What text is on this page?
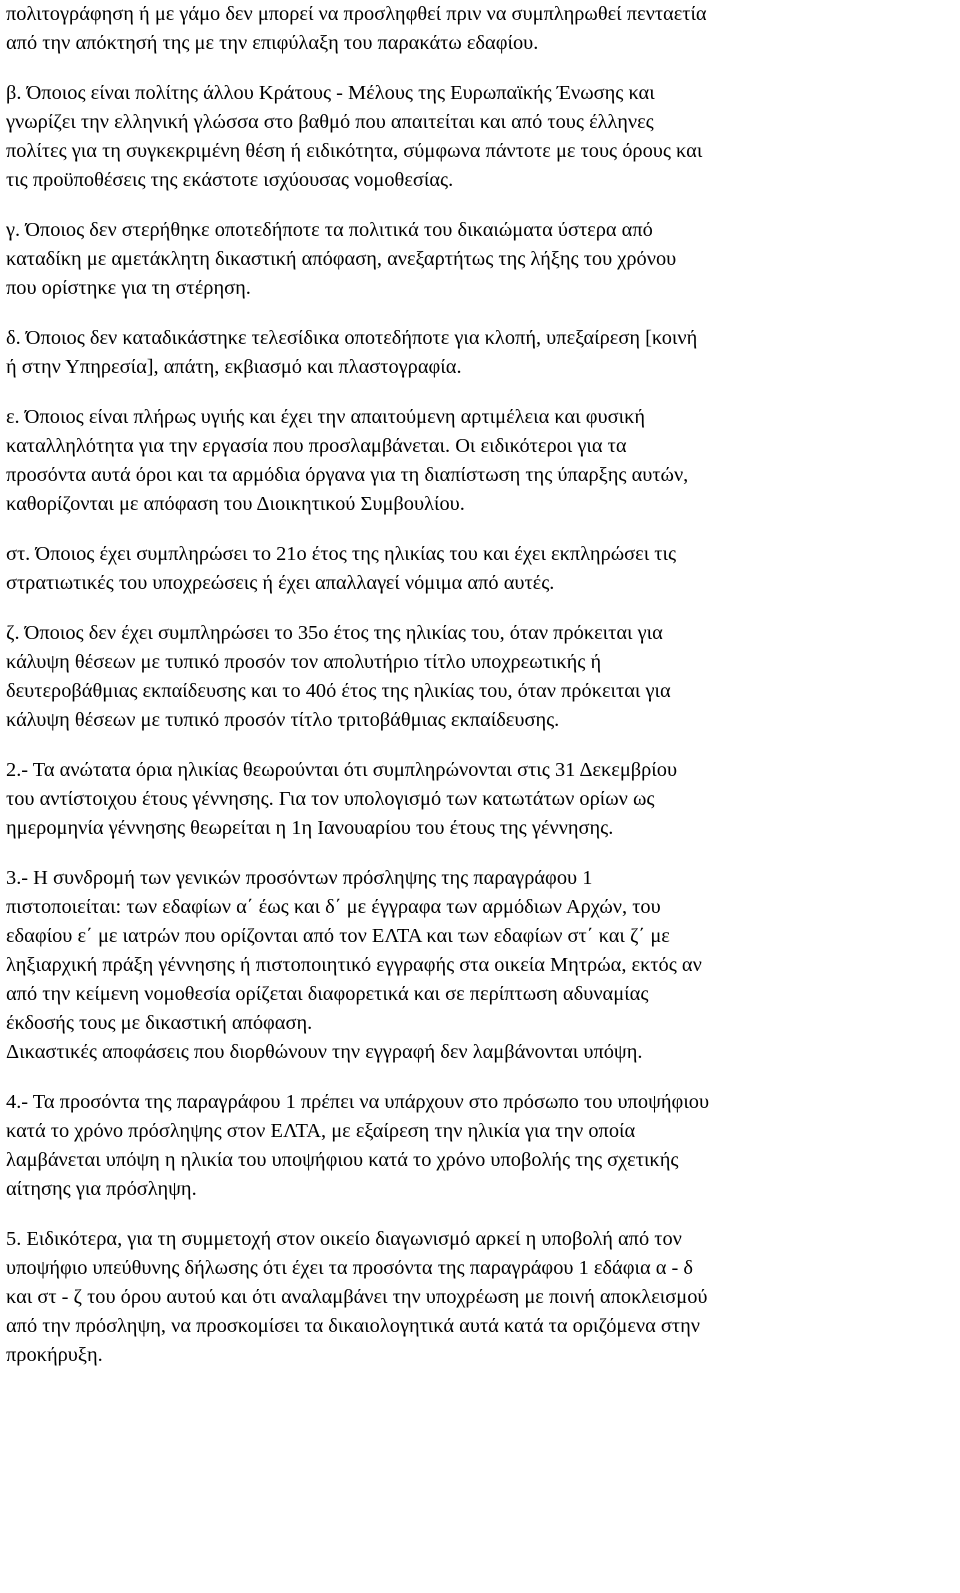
πολιτογράφηση ή με γάμο δεν μπορεί να προσληφθεί πριν να συμπληρωθεί πενταετία
από την απόκτησή της με την επιφύλαξη του παρακάτω εδαφίου.
β. Όποιος είναι πολίτης άλλου Κράτους - Μέλους της Ευρωπαϊκής Ένωσης και
γνωρίζει την ελληνική γλώσσα στο βαθμό που απαιτείται και από τους έλληνες
πολίτες για τη συγκεκριμένη θέση ή ειδικότητα, σύμφωνα πάντοτε με τους όρους και
τις προϋποθέσεις της εκάστοτε ισχύουσας νομοθεσίας.
γ. Όποιος δεν στερήθηκε οποτεδήποτε τα πολιτικά του δικαιώματα ύστερα από
καταδίκη με αμετάκλητη δικαστική απόφαση, ανεξαρτήτως της λήξης του χρόνου
που ορίστηκε για τη στέρηση.
δ. Όποιος δεν καταδικάστηκε τελεσίδικα οποτεδήποτε για κλοπή, υπεξαίρεση [κοινή
ή στην Υπηρεσία], απάτη, εκβιασμό και πλαστογραφία.
ε. Όποιος είναι πλήρως υγιής και έχει την απαιτούμενη αρτιμέλεια και φυσική
καταλληλότητα για την εργασία που προσλαμβάνεται. Οι ειδικότεροι για τα
προσόντα αυτά όροι και τα αρμόδια όργανα για τη διαπίστωση της ύπαρξης αυτών,
καθορίζονται με απόφαση του Διοικητικού Συμβουλίου.
στ. Όποιος έχει συμπληρώσει το 21ο έτος της ηλικίας του και έχει εκπληρώσει τις
στρατιωτικές του υποχρεώσεις ή έχει απαλλαγεί νόμιμα από αυτές.
ζ. Όποιος δεν έχει συμπληρώσει το 35ο έτος της ηλικίας του, όταν πρόκειται για
κάλυψη θέσεων με τυπικό προσόν τον απολυτήριο τίτλο υποχρεωτικής ή
δευτεροβάθμιας εκπαίδευσης και το 40ό έτος της ηλικίας του, όταν πρόκειται για
κάλυψη θέσεων με τυπικό προσόν τίτλο τριτοβάθμιας εκπαίδευσης.
2.- Τα ανώτατα όρια ηλικίας θεωρούνται ότι συμπληρώνονται στις 31 Δεκεμβρίου
του αντίστοιχου έτους γέννησης. Για τον υπολογισμό των κατωτάτων ορίων ως
ημερομηνία γέννησης θεωρείται η 1η Ιανουαρίου του έτους της γέννησης.
3.- Η συνδρομή των γενικών προσόντων πρόσληψης της παραγράφου 1
πιστοποιείται: των εδαφίων α΄ έως και δ΄ με έγγραφα των αρμόδιων Αρχών, του
εδαφίου ε΄ με ιατρών που ορίζονται από τον ΕΛΤΑ και των εδαφίων στ΄ και ζ΄ με
ληξιαρχική πράξη γέννησης ή πιστοποιητικό εγγραφής στα οικεία Μητρώα, εκτός αν
από την κείμενη νομοθεσία ορίζεται διαφορετικά και σε περίπτωση αδυναμίας
έκδοσής τους με δικαστική απόφαση.
Δικαστικές αποφάσεις που διορθώνουν την εγγραφή δεν λαμβάνονται υπόψη.
4.- Τα προσόντα της παραγράφου 1 πρέπει να υπάρχουν στο πρόσωπο του υποψήφιου
κατά το χρόνο πρόσληψης στον ΕΛΤΑ, με εξαίρεση την ηλικία για την οποία
λαμβάνεται υπόψη η ηλικία του υποψήφιου κατά το χρόνο υποβολής της σχετικής
αίτησης για πρόσληψη.
5. Ειδικότερα, για τη συμμετοχή στον οικείο διαγωνισμό αρκεί η υποβολή από τον
υποψήφιο υπεύθυνης δήλωσης ότι έχει τα προσόντα της παραγράφου 1 εδάφια α - δ
και στ - ζ του όρου αυτού και ότι αναλαμβάνει την υποχρέωση με ποινή αποκλεισμού
από την πρόσληψη, να προσκομίσει τα δικαιολογητικά αυτά κατά τα οριζόμενα στην
προκήρυξη.
